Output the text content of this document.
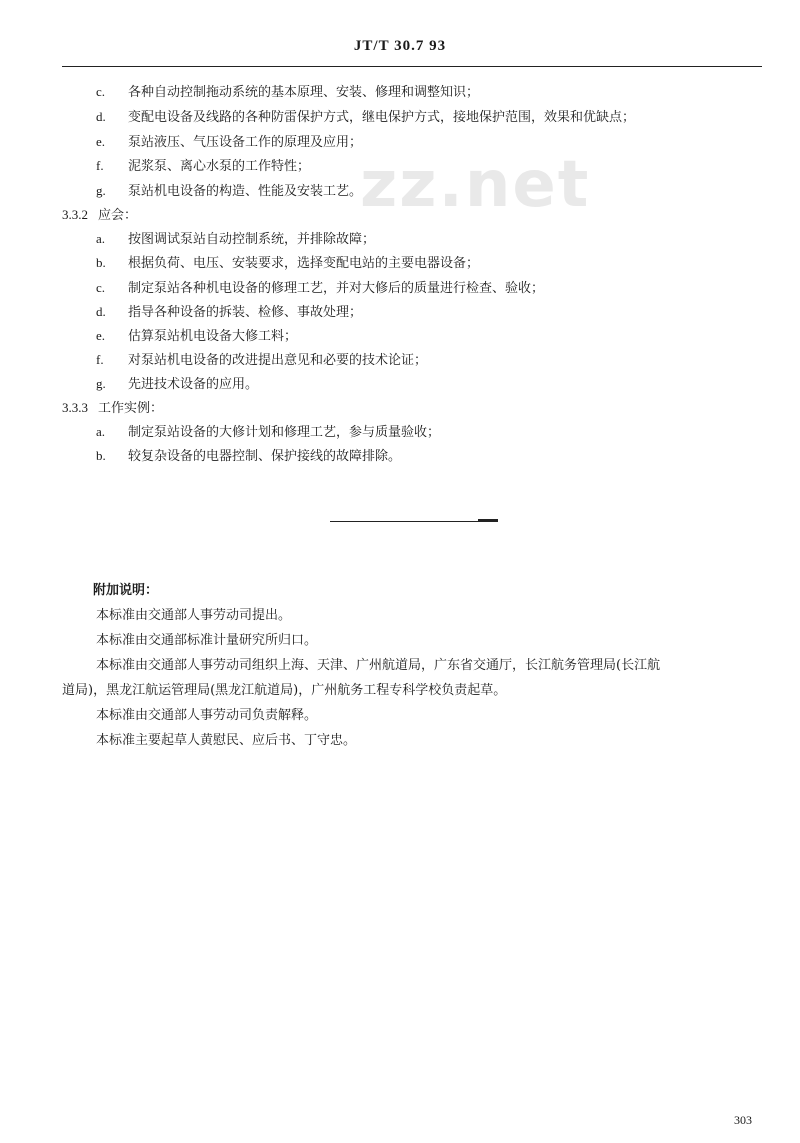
zz.net
JT/T 30.7 93
c. 各种自动控制拖动系统的基本原理、安装、修理和调整知识；
d. 变配电设备及线路的各种防雷保护方式，继电保护方式，接地保护范围，效果和优缺点；
e. 泵站液压、气压设备工作的原理及应用；
f. 泥浆泵、离心水泵的工作特性；
g. 泵站机电设备的构造、性能及安装工艺。
3.3.2 应会：
a. 按图调试泵站自动控制系统，并排除故障；
b. 根据负荷、电压、安装要求，选择变配电站的主要电器设备；
c. 制定泵站各种机电设备的修理工艺，并对大修后的质量进行检查、验收；
d. 指导各种设备的拆装、检修、事故处理；
e. 估算泵站机电设备大修工料；
f. 对泵站机电设备的改进提出意见和必要的技术论证；
g. 先进技术设备的应用。
3.3.3 工作实例：
a. 制定泵站设备的大修计划和修理工艺，参与质量验收；
b. 较复杂设备的电器控制、保护接线的故障排除。
附加说明：
本标准由交通部人事劳动司提出。
本标准由交通部标准计量研究所归口。
本标准由交通部人事劳动司组织上海、天津、广州航道局，广东省交通厅，长江航务管理局(长江航
道局)，黑龙江航运管理局(黑龙江航道局)，广州航务工程专科学校负责起草。
本标准由交通部人事劳动司负责解释。
本标准主要起草人黄慰民、应后书、丁守忠。
303
